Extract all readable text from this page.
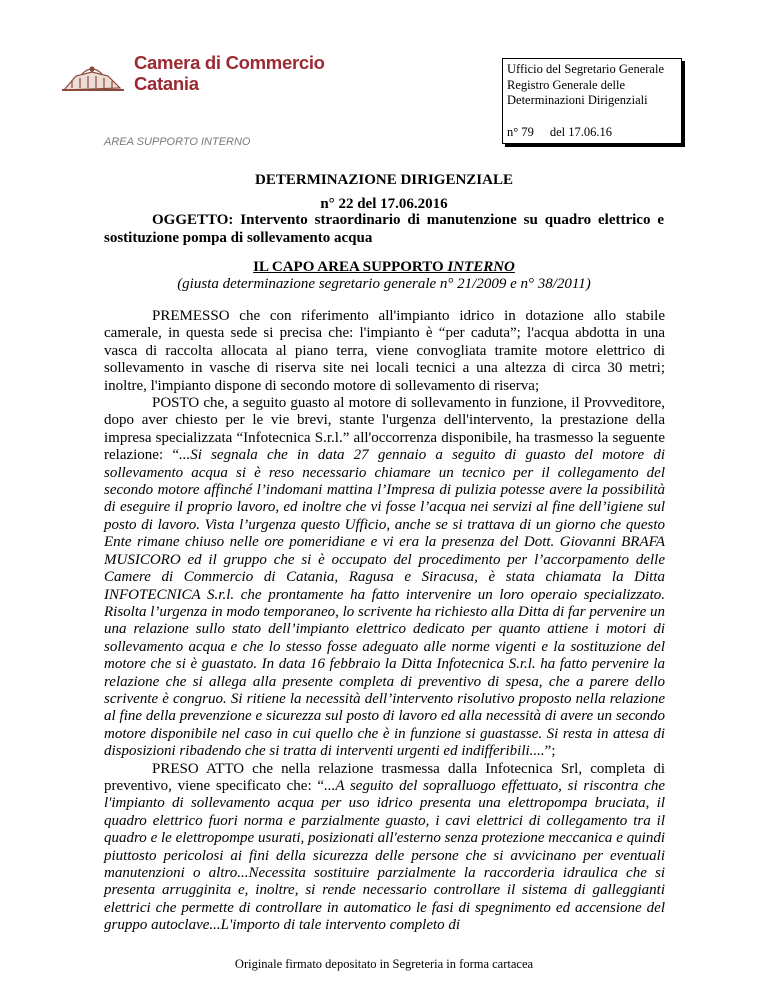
Camera di Commercio
Catania
AREA SUPPORTO INTERNO
Ufficio del Segretario Generale
Registro Generale delle
Determinazioni Dirigenziali
n° 79 del 17.06.16
DETERMINAZIONE DIRIGENZIALE
n° 22 del 17.06.2016
OGGETTO: Intervento straordinario di manutenzione su quadro elettrico e sostituzione pompa di sollevamento acqua
IL CAPO AREA SUPPORTO INTERNO
(giusta determinazione segretario generale n° 21/2009 e n° 38/2011)

PREMESSO che con riferimento all'impianto idrico in dotazione allo stabile camerale, in questa sede si precisa che: l'impianto è “per caduta”; l'acqua abdotta in una vasca di raccolta allocata al piano terra, viene convogliata tramite motore elettrico di sollevamento in vasche di riserva site nei locali tecnici a una altezza di circa 30 metri; inoltre, l'impianto dispone di secondo motore di sollevamento di riserva;

POSTO che, a seguito guasto al motore di sollevamento in funzione, il Provveditore, dopo aver chiesto per le vie brevi, stante l'urgenza dell'intervento, la prestazione della impresa specializzata “Infotecnica S.r.l.” all'occorrenza disponibile, ha trasmesso la seguente relazione: “...Si segnala che in data 27 gennaio a seguito di guasto del motore di sollevamento acqua si è reso necessario chiamare un tecnico per il collegamento del secondo motore affinché l’indomani mattina l’Impresa di pulizia potesse avere la possibilità di eseguire il proprio lavoro, ed inoltre che vi fosse l’acqua nei servizi al fine dell’igiene sul posto di lavoro. Vista l’urgenza questo Ufficio, anche se si trattava di un giorno che questo Ente rimane chiuso nelle ore pomeridiane e vi era la presenza del Dott. Giovanni BRAFA MUSICORO ed il gruppo che si è occupato del procedimento per l’accorpamento delle Camere di Commercio di Catania, Ragusa e Siracusa, è stata chiamata la Ditta INFOTECNICA S.r.l. che prontamente ha fatto intervenire un loro operaio specializzato. Risolta l’urgenza in modo temporaneo, lo scrivente ha richiesto alla Ditta di far pervenire un una relazione sullo stato dell’impianto elettrico dedicato per quanto attiene i motori di sollevamento acqua e che lo stesso fosse adeguato alle norme vigenti e la sostituzione del motore che si è guastato. In data 16 febbraio la Ditta Infotecnica S.r.l. ha fatto pervenire la relazione che si allega alla presente completa di preventivo di spesa, che a parere dello scrivente è congruo. Si ritiene la necessità dell’intervento risolutivo proposto nella relazione al fine della prevenzione e sicurezza sul posto di lavoro ed alla necessità di avere un secondo motore disponibile nel caso in cui quello che è in funzione si guastasse. Si resta in attesa di disposizioni ribadendo che si tratta di interventi urgenti ed indifferibili....”;

PRESO ATTO che nella relazione trasmessa dalla Infotecnica Srl, completa di preventivo, viene specificato che: “...A seguito del sopralluogo effettuato, si riscontra che l'impianto di sollevamento acqua per uso idrico presenta una elettropompa bruciata, il quadro elettrico fuori norma e parzialmente guasto, i cavi elettrici di collegamento tra il quadro e le elettropompe usurati, posizionati all'esterno senza protezione meccanica e quindi piuttosto pericolosi ai fini della sicurezza delle persone che si avvicinano per eventuali manutenzioni o altro...Necessita sostituire parzialmente la raccorderia idraulica che si presenta arrugginita e, inoltre, si rende necessario controllare il sistema di galleggianti elettrici che permette di controllare in automatico le fasi di spegnimento ed accensione del gruppo autoclave...L'importo di tale intervento completo di

Originale firmato depositato in Segreteria in forma cartacea
